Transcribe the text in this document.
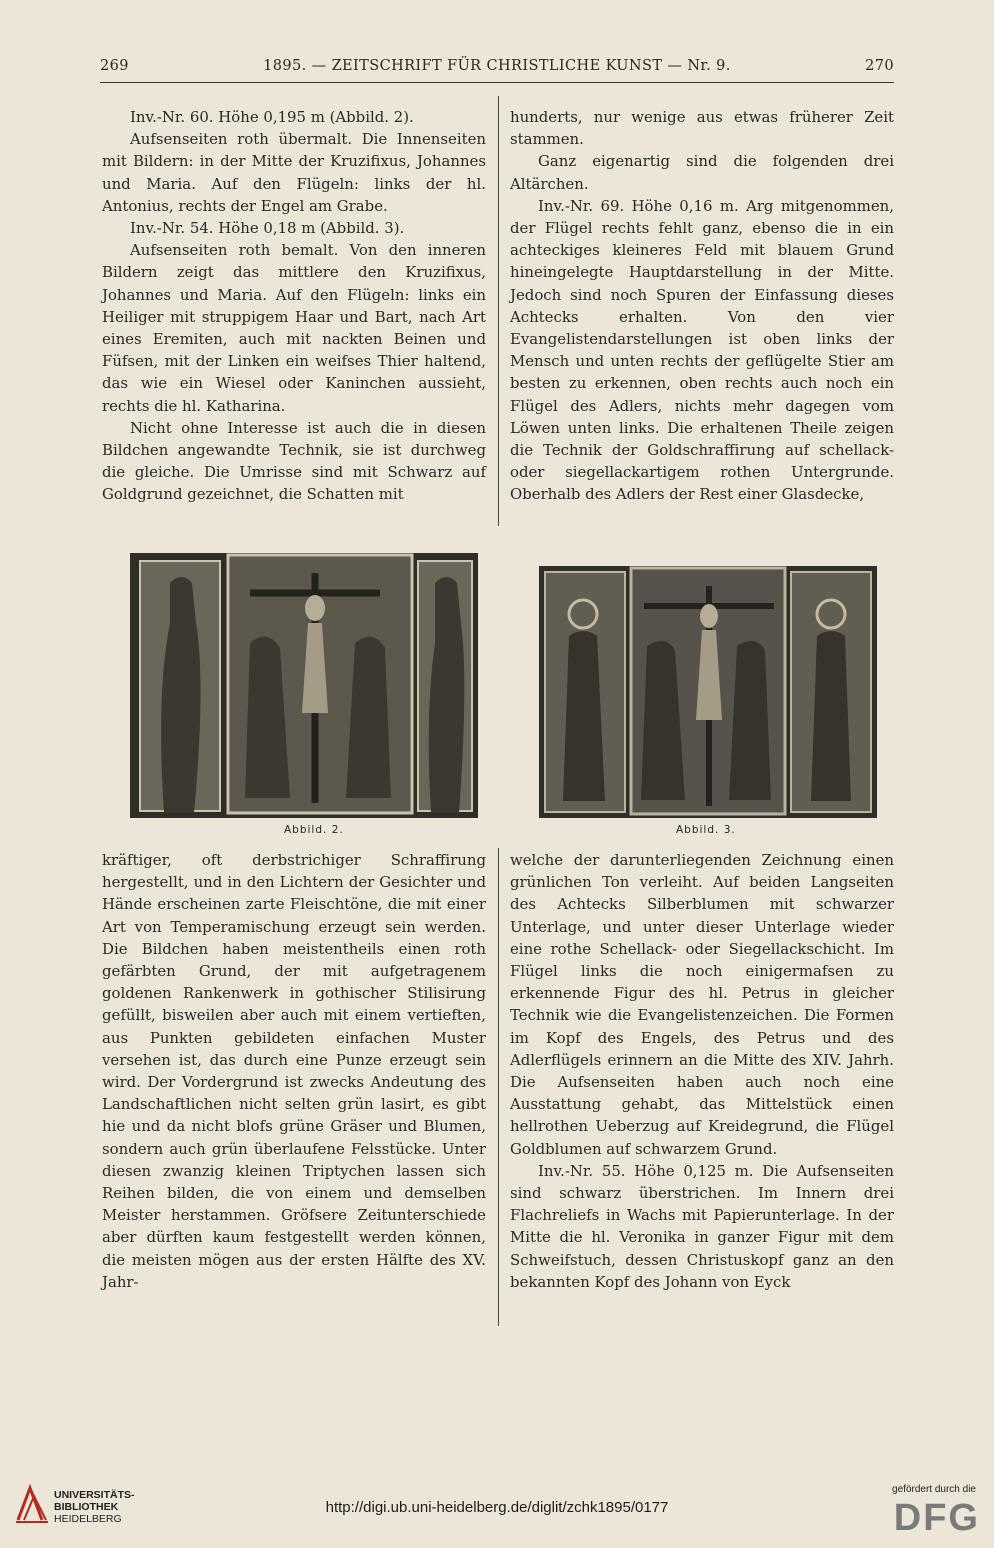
269	1895. — ZEITSCHRIFT FÜR CHRISTLICHE KUNST — Nr. 9.	270

Inv.-Nr. 60. Höhe 0,195 m (Abbild. 2).

Aufsenseiten roth übermalt. Die Innenseiten mit Bildern: in der Mitte der Kruzifixus, Johannes und Maria. Auf den Flügeln: links der hl. Antonius, rechts der Engel am Grabe.

Inv.-Nr. 54. Höhe 0,18 m (Abbild. 3).

Aufsenseiten roth bemalt. Von den inneren Bildern zeigt das mittlere den Kruzifixus, Johannes und Maria. Auf den Flügeln: links ein Heiliger mit struppigem Haar und Bart, nach Art eines Eremiten, auch mit nackten Beinen und Füfsen, mit der Linken ein weifses Thier haltend, das wie ein Wiesel oder Kaninchen aussieht, rechts die hl. Katharina.

Nicht ohne Interesse ist auch die in diesen Bildchen angewandte Technik, sie ist durchweg die gleiche. Die Umrisse sind mit Schwarz auf Goldgrund gezeichnet, die Schatten mit

hunderts, nur wenige aus etwas früherer Zeit stammen.

Ganz eigenartig sind die folgenden drei Altärchen.

Inv.-Nr. 69. Höhe 0,16 m. Arg mitgenommen, der Flügel rechts fehlt ganz, ebenso die in ein achteckiges kleineres Feld mit blauem Grund hineingelegte Hauptdarstellung in der Mitte. Jedoch sind noch Spuren der Einfassung dieses Achtecks erhalten. Von den vier Evangelistendarstellungen ist oben links der Mensch und unten rechts der geflügelte Stier am besten zu erkennen, oben rechts auch noch ein Flügel des Adlers, nichts mehr dagegen vom Löwen unten links. Die erhaltenen Theile zeigen die Technik der Goldschraffirung auf schellack- oder siegellackartigem rothen Untergrunde. Oberhalb des Adlers der Rest einer Glasdecke,

Abbild. 2.	Abbild. 3.

kräftiger, oft derbstrichiger Schraffirung hergestellt, und in den Lichtern der Gesichter und Hände erscheinen zarte Fleischtöne, die mit einer Art von Temperamischung erzeugt sein werden. Die Bildchen haben meistentheils einen roth gefärbten Grund, der mit aufgetragenem goldenen Rankenwerk in gothischer Stilisirung gefüllt, bisweilen aber auch mit einem vertieften, aus Punkten gebildeten einfachen Muster versehen ist, das durch eine Punze erzeugt sein wird. Der Vordergrund ist zwecks Andeutung des Landschaftlichen nicht selten grün lasirt, es gibt hie und da nicht blofs grüne Gräser und Blumen, sondern auch grün überlaufene Felsstücke. Unter diesen zwanzig kleinen Triptychen lassen sich Reihen bilden, die von einem und demselben Meister herstammen. Gröfsere Zeitunterschiede aber dürften kaum festgestellt werden können, die meisten mögen aus der ersten Hälfte des XV. Jahr-

welche der darunterliegenden Zeichnung einen grünlichen Ton verleiht. Auf beiden Langseiten des Achtecks Silberblumen mit schwarzer Unterlage, und unter dieser Unterlage wieder eine rothe Schellack- oder Siegellackschicht. Im Flügel links die noch einigermafsen zu erkennende Figur des hl. Petrus in gleicher Technik wie die Evangelistenzeichen. Die Formen im Kopf des Engels, des Petrus und des Adlerflügels erinnern an die Mitte des XIV. Jahrh. Die Aufsenseiten haben auch noch eine Ausstattung gehabt, das Mittelstück einen hellrothen Ueberzug auf Kreidegrund, die Flügel Goldblumen auf schwarzem Grund.

Inv.-Nr. 55. Höhe 0,125 m. Die Aufsenseiten sind schwarz überstrichen. Im Innern drei Flachreliefs in Wachs mit Papierunterlage. In der Mitte die hl. Veronika in ganzer Figur mit dem Schweifstuch, dessen Christuskopf ganz an den bekannten Kopf des Johann von Eyck

UNIVERSITÄTS-
BIBLIOTHEK
HEIDELBERG
http://digi.ub.uni-heidelberg.de/diglit/zchk1895/0177
gefördert durch die
DFG
